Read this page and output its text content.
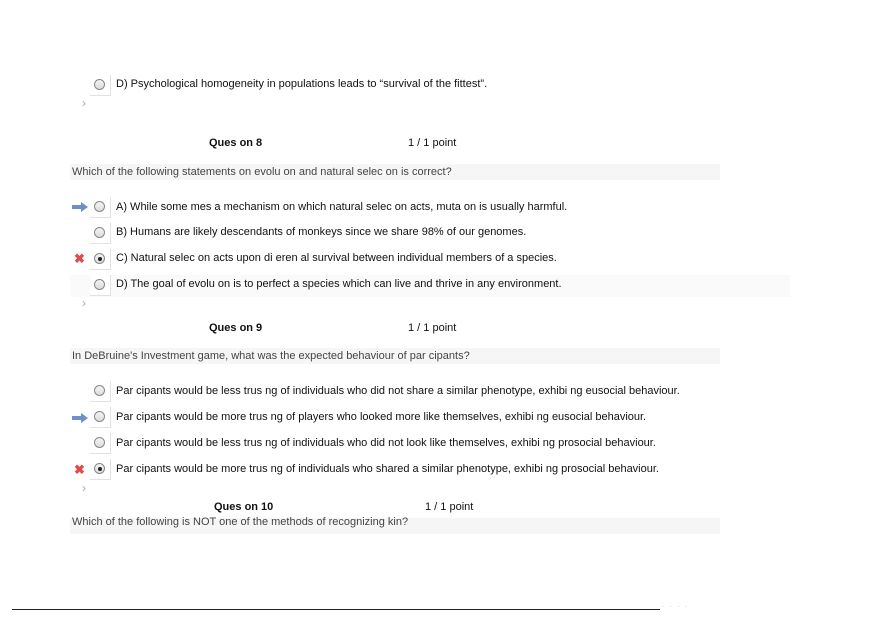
D) Psychological homogeneity in populations leads to “survival of the fittest”.
›
Ques on 8	1 / 1 point
Which of the following statements on evolu on and natural selec on is correct?
A) While some mes a mechanism on which natural selec on acts, muta on is usually harmful.
B) Humans are likely descendants of monkeys since we share 98% of our genomes.
✖	C) Natural selec on acts upon di eren al survival between individual members of a species.
D) The goal of evolu on is to perfect a species which can live and thrive in any environment.
›
Ques on 9	1 / 1 point
In DeBruine's Investment game, what was the expected behaviour of par cipants?
Par cipants would be less trus ng of individuals who did not share a similar phenotype, exhibi ng eusocial behaviour.
Par cipants would be more trus ng of players who looked more like themselves, exhibi ng eusocial behaviour.
Par cipants would be less trus ng of individuals who did not look like themselves, exhibi ng prosocial behaviour.
✖	Par cipants would be more trus ng of individuals who shared a similar phenotype, exhibi ng prosocial behaviour.
›
Ques on 10	1 / 1 point
Which of the following is NOT one of the methods of recognizing kin?
· · · ·
